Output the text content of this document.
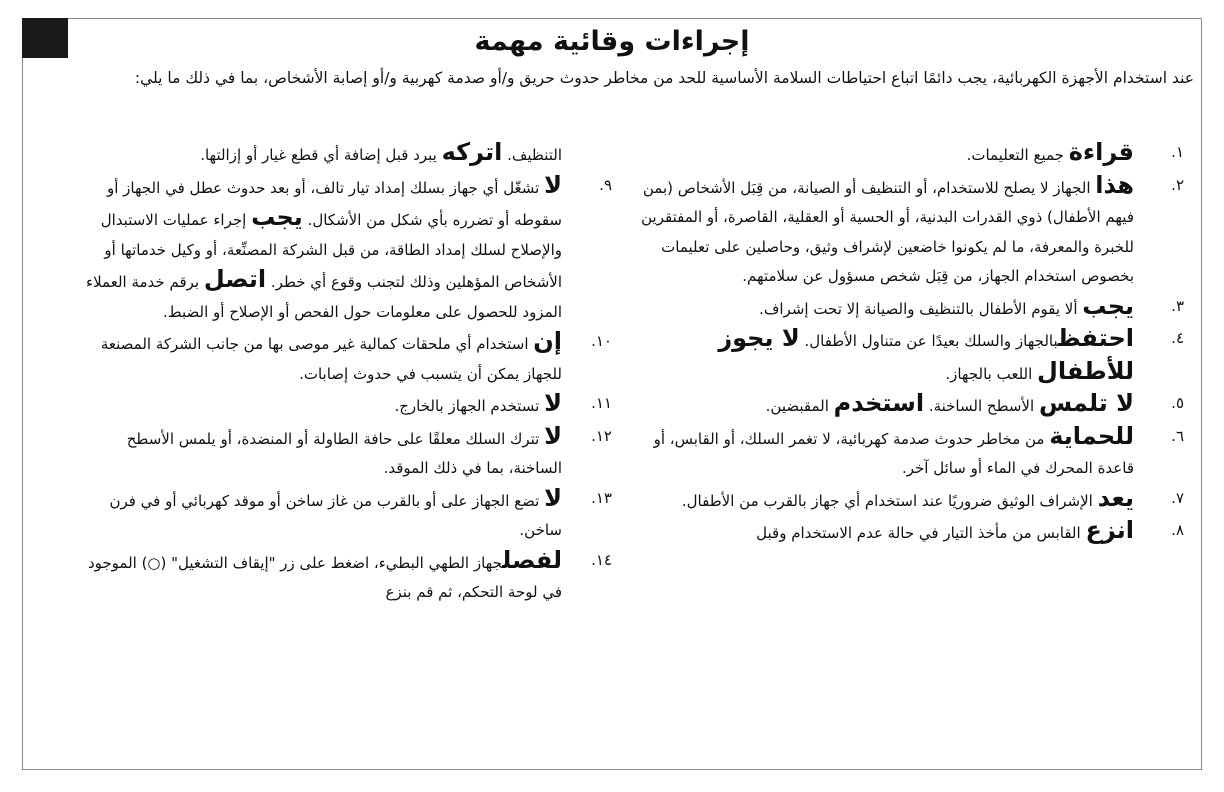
إجراءات وقائية مهمة
عند استخدام الأجهزة الكهربائية، يجب دائمًا اتباع احتياطات السلامة الأساسية للحد من مخاطر حدوث حريق و/أو صدمة كهربية و/أو إصابة الأشخاص، بما في ذلك ما يلي:
١.
قراءة جميع التعليمات.
٢.
هذا الجهاز لا يصلح للاستخدام، أو التنظيف أو الصيانة، من قِبَل الأشخاص (بمن فيهم الأطفال) ذوي القدرات البدنية، أو الحسية أو العقلية، القاصرة، أو المفتقرين للخبرة والمعرفة، ما لم يكونوا خاضعين لإشراف وثيق، وحاصلين على تعليمات بخصوص استخدام الجهاز، من قِبَل شخص مسؤول عن سلامتهم.
٣.
يجب ألا يقوم الأطفال بالتنظيف والصيانة إلا تحت إشراف.
٤.
احتفظبالجهاز والسلك بعيدًا عن متناول الأطفال. لا يجوز للأطفال اللعب بالجهاز.
٥.
لا تلمس الأسطح الساخنة. استخدم المقبضين.
٦.
للحماية من مخاطر حدوث صدمة كهربائية، لا تغمر السلك، أو القابس، أو قاعدة المحرك في الماء أو سائل آخر.
٧.
يعد الإشراف الوثيق ضروريًا عند استخدام أي جهاز بالقرب من الأطفال.
٨.
انزع القابس من مأخذ التيار في حالة عدم الاستخدام وقبل
التنظيف. اتركه يبرد قبل إضافة أي قطع غيار أو إزالتها.
٩.
لا تشغّل أي جهاز بسلك إمداد تيار تالف، أو بعد حدوث عطل في الجهاز أو سقوطه أو تضرره بأي شكل من الأشكال. يجب إجراء عمليات الاستبدال والإصلاح لسلك إمداد الطاقة، من قبل الشركة المصنِّعة، أو وكيل خدماتها أو الأشخاص المؤهلين وذلك لتجنب وقوع أي خطر. اتصل برقم خدمة العملاء المزود للحصول على معلومات حول الفحص أو الإصلاح أو الضبط.
١٠.
إن استخدام أي ملحقات كمالية غير موصى بها من جانب الشركة المصنعة للجهاز يمكن أن يتسبب في حدوث إصابات.
١١.
لا تستخدم الجهاز بالخارج.
١٢.
لا تترك السلك معلقًا على حافة الطاولة أو المنضدة، أو يلمس الأسطح الساخنة، بما في ذلك الموقد.
١٣.
لا تضع الجهاز على أو بالقرب من غاز ساخن أو موقد كهربائي أو في فرن ساخن.
١٤.
لفصلجهاز الطهي البطيء، اضغط على زر "إيقاف التشغيل" (○) الموجود في لوحة التحكم، ثم قم بنزع
